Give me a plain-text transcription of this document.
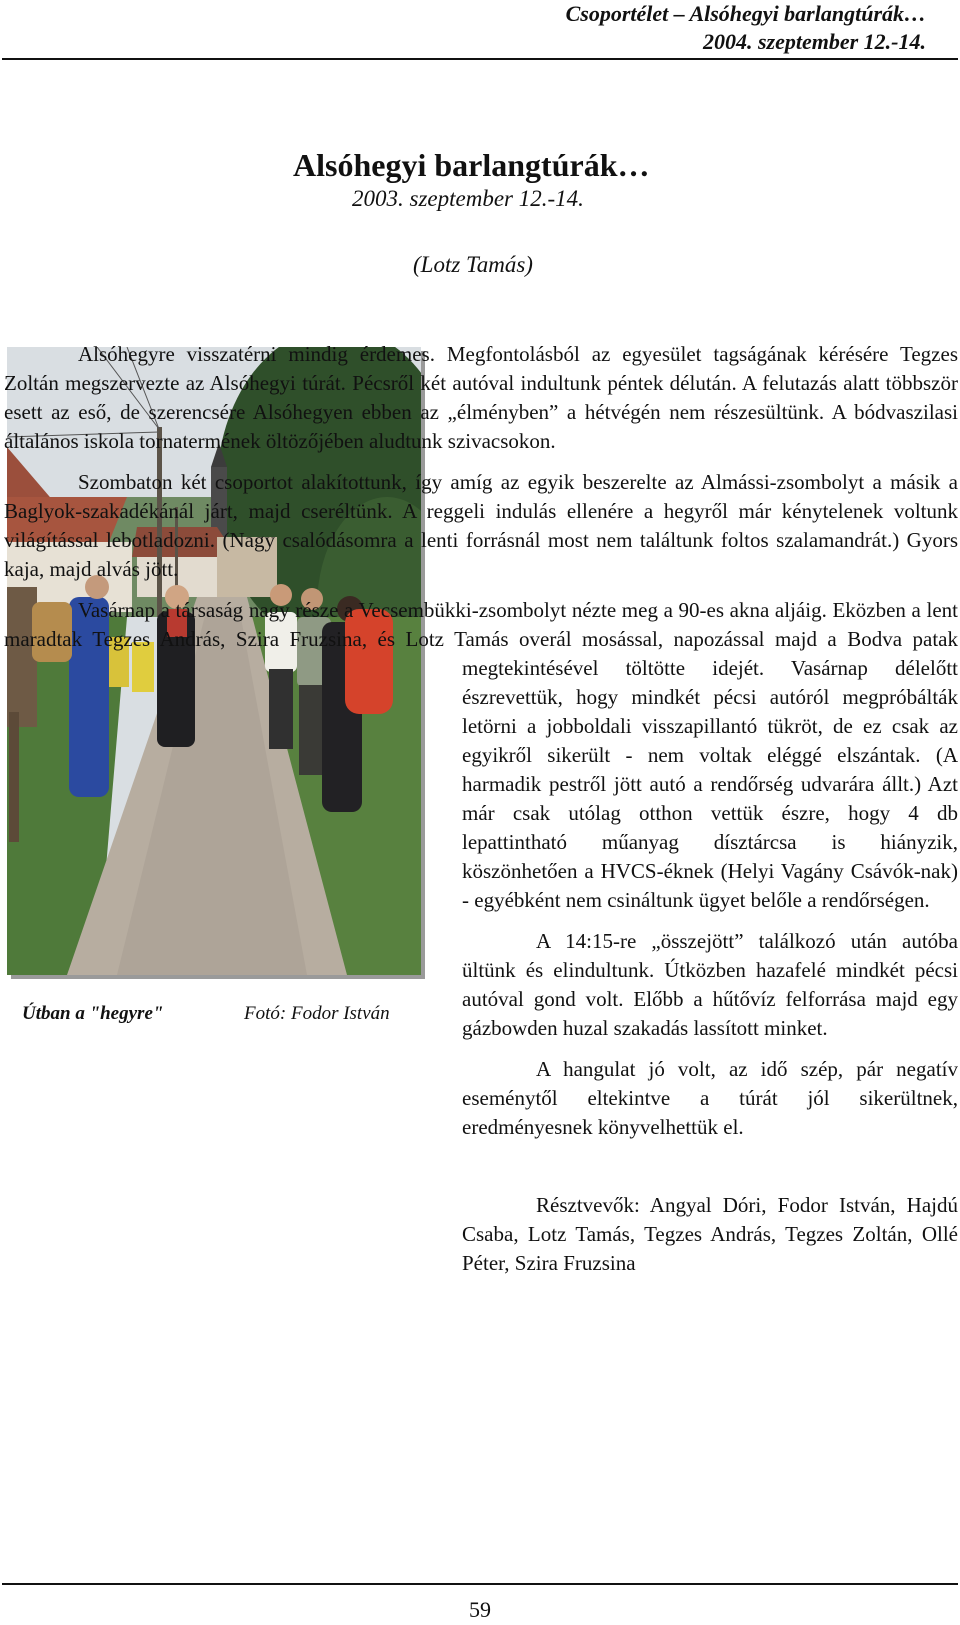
Csoportélet – Alsóhegyi barlangtúrák…
2004. szeptember 12.-14.
Alsóhegyi barlangtúrák…
2003. szeptember 12.-14.
(Lotz Tamás)
Útban a "hegyre"	Fotó: Fodor István

Alsóhegyre visszatérni mindig érdemes. Megfontolásból az egyesület tagságának kérésére Tegzes Zoltán megszervezte az Alsóhegyi túrát. Pécsről két autóval indultunk péntek délután. A felutazás alatt többször esett az eső, de szerencsére Alsóhegyen ebben az „élményben” a hétvégén nem részesültünk. A bódvaszilasi általános iskola tornatermének öltözőjében aludtunk szivacsokon.

Szombaton két csoportot alakítottunk, így amíg az egyik beszerelte az Almássi-zsombolyt a másik a Baglyok-szakadékánál járt, majd cseréltünk. A reggeli indulás ellenére a hegyről már kénytelenek voltunk világítással lebotladozni. (Nagy csalódásomra a lenti forrásnál most nem találtunk foltos szalamandrát.) Gyors kaja, majd alvás jött.

Vasárnap a társaság nagy része a Vecsembükki-zsombolyt nézte meg a 90-es akna aljáig. Eközben a lent maradtak Tegzes András, Szira Fruzsina, és Lotz Tamás overál mosással, napozással majd a Bodva patak megtekintésével töltötte idejét. Vasárnap délelőtt észrevettük, hogy mindkét pécsi autóról megpróbálták letörni a jobboldali visszapillantó tükröt, de ez csak az egyikről sikerült - nem voltak eléggé elszántak. (A harmadik pestről jött autó a rendőrség udvarára állt.) Azt már csak utólag otthon vettük észre, hogy 4 db lepattintható műanyag dísztárcsa is hiányzik, köszönhetően a HVCS-éknek (Helyi Vagány Csávók-nak) - egyébként nem csináltunk ügyet belőle a rendőrségen.

A 14:15-re „összejött” találkozó után autóba ültünk és elindultunk. Útközben hazafelé mindkét pécsi autóval gond volt. Előbb a hűtővíz felforrása majd egy gázbowden huzal szakadás lassított minket.

A hangulat jó volt, az idő szép, pár negatív eseménytől eltekintve a túrát jól sikerültnek, eredményesnek könyvelhettük el.

Résztvevők: Angyal Dóri, Fodor István, Hajdú Csaba, Lotz Tamás, Tegzes András, Tegzes Zoltán, Ollé Péter, Szira Fruzsina

59
